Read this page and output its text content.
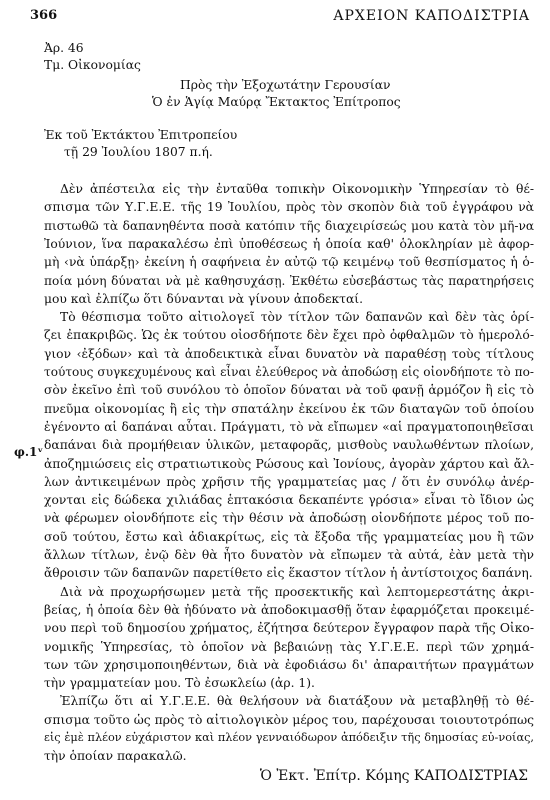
366	ΑΡΧΕΙΟΝ ΚΑΠΟΔΙΣΤΡΙΑ
Ἀρ. 46
Τμ. Οἰκονομίας
Πρὸς τὴν Ἐξοχωτάτην Γερουσίαν
Ὁ ἐν Ἁγίᾳ Μαύρᾳ Ἔκτακτος Ἐπίτροπος
Ἐκ τοῦ Ἐκτάκτου Ἐπιτροπείου
τῇ 29 Ἰουλίου 1807 π.ή.
φ.1ᵛ
Δὲν ἀπέστειλα εἰς τὴν ἐνταῦθα τοπικὴν Οἰκονομικὴν Ὑπηρεσίαν τὸ θέ-
σπισμα τῶν Υ.Γ.Ε.Ε. τῆς 19 Ἰουλίου, πρὸς τὸν σκοπὸν διὰ τοῦ ἐγγράφου νὰ
πιστωθῶ τὰ δαπανηθέντα ποσὰ κατόπιν τῆς διαχειρίσεώς μου κατὰ τὸν μῆ-να
Ἰούνιον, ἵνα παρακαλέσω ἐπὶ ὑποθέσεως ἡ ὁποία καθ' ὁλοκληρίαν μὲ ἀφορ-
μὴ ‹νὰ ὑπάρξῃ› ἐκείνη ἡ σαφήνεια ἐν αὐτῷ τῷ κειμένῳ τοῦ θεσπίσματος ἡ ὁ-
ποία μόνη δύναται νὰ μὲ καθησυχάσῃ. Ἐκθέτω εὐσεβάστως τὰς παρατηρήσεις
μου καὶ ἐλπίζω ὅτι δύνανται νὰ γίνουν ἀποδεκταί.
Τὸ θέσπισμα τοῦτο αἰτιολογεῖ τὸν τίτλον τῶν δαπανῶν καὶ δὲν τὰς ὁρί-
ζει ἐπακριβῶς. Ὡς ἐκ τούτου οἰοσδήποτε δὲν ἔχει πρὸ ὀφθαλμῶν τὸ ἡμερολό-
γιον ‹ἐξόδων› καὶ τὰ ἀποδεικτικὰ εἶναι δυνατὸν νὰ παραθέσῃ τοὺς τίτλους
τούτους συγκεχυμένους καὶ εἶναι ἐλεύθερος νὰ ἀποδώσῃ εἰς οἰονδήποτε τὸ πο-
σὸν ἐκεῖνο ἐπὶ τοῦ συνόλου τὸ ὁποῖον δύναται νὰ τοῦ φανῇ ἁρμόζον ἢ εἰς τὸ
πνεῦμα οἰκονομίας ἢ εἰς τὴν σπατάλην ἐκείνου ἐκ τῶν διαταγῶν τοῦ ὁποίου
ἐγένοντο αἱ δαπάναι αὗται. Πράγματι, τὸ νὰ εἴπωμεν «αἱ πραγματοποιηθεῖσαι
δαπάναι διὰ προμήθειαν ὑλικῶν, μεταφορᾶς, μισθοὺς ναυλωθέντων πλοίων,
ἀποζημιώσεις εἰς στρατιωτικοὺς Ρώσους καὶ Ἰονίους, ἀγορὰν χάρτου καὶ ἄλ-
λων ἀντικειμένων πρὸς χρῆσιν τῆς γραμματείας μας / ὅτι ἐν συνόλῳ ἀνέρ-
χονται εἰς δώδεκα χιλιάδας ἑπτακόσια δεκαπέντε γρόσια» εἶναι τὸ ἴδιον ὡς
νὰ φέρωμεν οἰονδήποτε εἰς τὴν θέσιν νὰ ἀποδώσῃ οἰονδήποτε μέρος τοῦ πο-
σοῦ τούτου, ἔστω καὶ ἀδιακρίτως, εἰς τὰ ἔξοδα τῆς γραμματείας μου ἢ τῶν
ἄλλων τίτλων, ἐνῷ δὲν θὰ ἦτο δυνατὸν νὰ εἴπωμεν τὰ αὐτά, ἐὰν μετὰ τὴν
ἄθροισιν τῶν δαπανῶν παρετίθετο εἰς ἕκαστον τίτλον ἡ ἀντίστοιχος δαπάνη.
Διὰ νὰ προχωρήσωμεν μετὰ τῆς προσεκτικῆς καὶ λεπτομερεστάτης ἀκρι-
βείας, ἡ ὁποία δὲν θὰ ἠδύνατο νὰ ἀποδοκιμασθῇ ὅταν ἐφαρμόζεται προκειμέ-
νου περὶ τοῦ δημοσίου χρήματος, ἐζήτησα δεύτερον ἔγγραφον παρὰ τῆς Οἰκο-
νομικῆς Ὑπηρεσίας, τὸ ὁποῖον νὰ βεβαιώνῃ τὰς Υ.Γ.Ε.Ε. περὶ τῶν χρημά-
των τῶν χρησιμοποιηθέντων, διὰ νὰ ἐφοδιάσω δι' ἀπαραιτήτων πραγμάτων
τὴν γραμματείαν μου. Τὸ ἐσωκλείω (ἀρ. 1).
Ἐλπίζω ὅτι αἱ Υ.Γ.Ε.Ε. θὰ θελήσουν νὰ διατάξουν νὰ μεταβληθῇ τὸ θέ-
σπισμα τοῦτο ὡς πρὸς τὸ αἰτιολογικὸν μέρος του, παρέχουσαι τοιουτοτρόπως
εἰς ἐμὲ πλέον εὐχάριστον καὶ πλέον γενναιόδωρον ἀπόδειξιν τῆς δημοσίας εὐ-νοίας,
τὴν ὁποίαν παρακαλῶ.
Ὁ Ἐκτ. Ἐπίτρ. Κόμης ΚΑΠΟΔΙΣΤΡΙΑΣ
